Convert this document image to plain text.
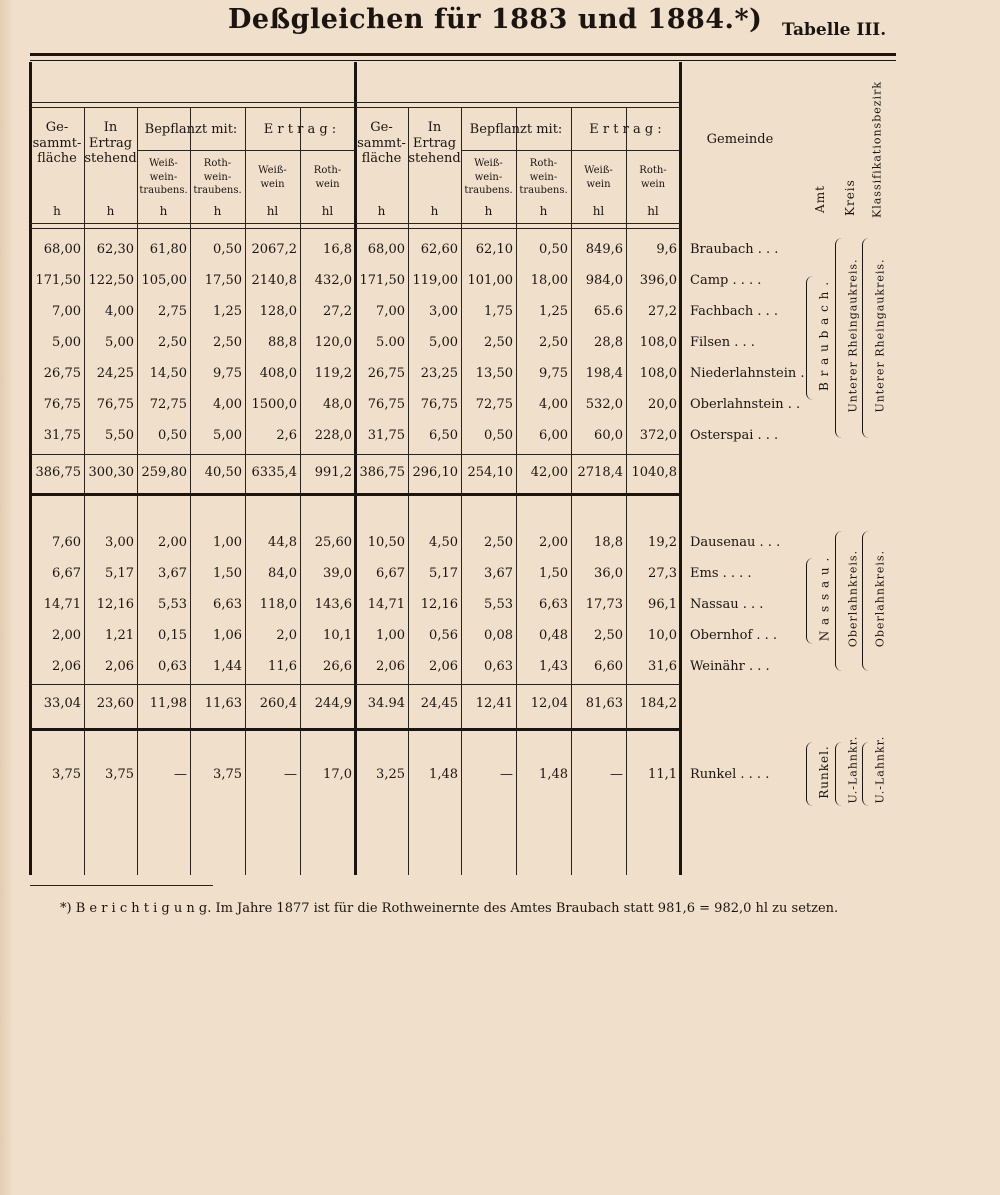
Deßgleichen für 1883 und 1884.*) Tabelle III.
Ge-
sammt-
fläche
In
Ertrag
stehend
Bepflanzt mit:
Weiß-
wein-
traubens.
Roth-
wein-
traubens.
E r t r a g :
Weiß-
wein
Roth-
wein
Ge-
sammt-
fläche
In
Ertrag
stehend
Bepflanzt mit:
Weiß-
wein-
traubens.
Roth-
wein-
traubens.
E r t r a g :
Weiß-
wein
Roth-
wein
h	h	h	h	hl	hl	h	h	h	h	hl	hl
Gemeinde
Amt Kreis Klassifikationsbezirk
68,00	62,30	61,80	0,50 2067,2	16,8	68,00	62,60	62,10	0,50	849,6	9,6 Braubach . . .
171,50 122,50 105,00	17,50 2140,8	432,0 171,50 119,00 101,00	18,00	984,0	396,0 Camp . . . .
7,00	4,00	2,75	1,25	128,0	27,2	7,00	3,00	1,75	1,25	65.6	27,2 Fachbach . . .
5,00	5,00	2,50	2,50	88,8	120,0	5.00	5,00	2,50	2,50	28,8	108,0 Filsen . . .
26,75	24,25	14,50	9,75	408,0	119,2	26,75	23,25	13,50	9,75	198,4	108,0 Niederlahnstein .
76,75	76,75	72,75	4,00 1500,0	48,0	76,75	76,75	72,75	4,00	532,0	20,0 Oberlahnstein . .
31,75	5,50	0,50	5,00	2,6	228,0	31,75	6,50	0,50	6,00	60,0	372,0 Osterspai . . .
386,75 300,30 259,80	40,50 6335,4	991,2 386,75 296,10 254,10	42,00 2718,4 1040,8
B r a u b a c h . Unterer Rheingaukreis. Unterer Rheingaukreis.
7,60	3,00	2,00	1,00	44,8	25,60	10,50	4,50	2,50	2,00	18,8	19,2 Dausenau . . .
6,67	5,17	3,67	1,50	84,0	39,0	6,67	5,17	3,67	1,50	36,0	27,3 Ems . . . .
14,71	12,16	5,53	6,63	118,0	143,6	14,71	12,16	5,53	6,63	17,73	96,1 Nassau . . .
2,00	1,21	0,15	1,06	2,0	10,1	1,00	0,56	0,08	0,48	2,50	10,0 Obernhof . . .
2,06	2,06	0,63	1,44	11,6	26,6	2,06	2,06	0,63	1,43	6,60	31,6 Weinähr . . .
33,04	23,60	11,98	11,63	260,4	244,9	34.94	24,45	12,41	12,04	81,63	184,2
N a s s a u . Oberlahnkreis. Oberlahnkreis.
3,75	3,75	—	3,75	—	17,0	3,25	1,48	—	1,48	—	11,1 Runkel . . . .	Runkel. U.-Lahnkr. U.-Lahnkr.
*) B e r i c h t i g u n g. Im Jahre 1877 ist für die Rothweinernte des Amtes Braubach statt 981,6 = 982,0 hl zu setzen.
